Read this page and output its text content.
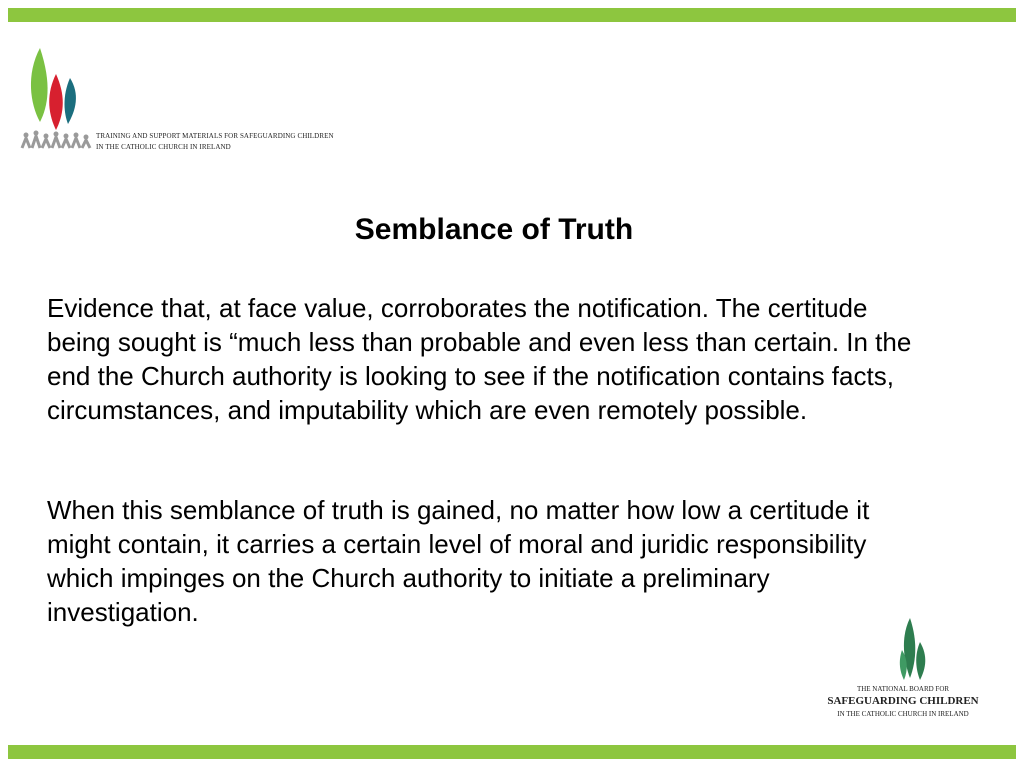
TRAINING AND SUPPORT MATERIALS FOR SAFEGUARDING CHILDREN
IN THE CATHOLIC CHURCH IN IRELAND
Semblance of Truth

Evidence that, at face value, corroborates the notification. The certitude being sought is “much less than probable and even less than certain. In the end the Church authority is looking to see if the notification contains facts, circumstances, and imputability which are even remotely possible.

When this semblance of truth is gained, no matter how low a certitude it might contain, it carries a certain level of moral and juridic responsibility which impinges on the Church authority to initiate a preliminary investigation.

THE NATIONAL BOARD FOR
SAFEGUARDING CHILDREN
IN THE CATHOLIC CHURCH IN IRELAND
